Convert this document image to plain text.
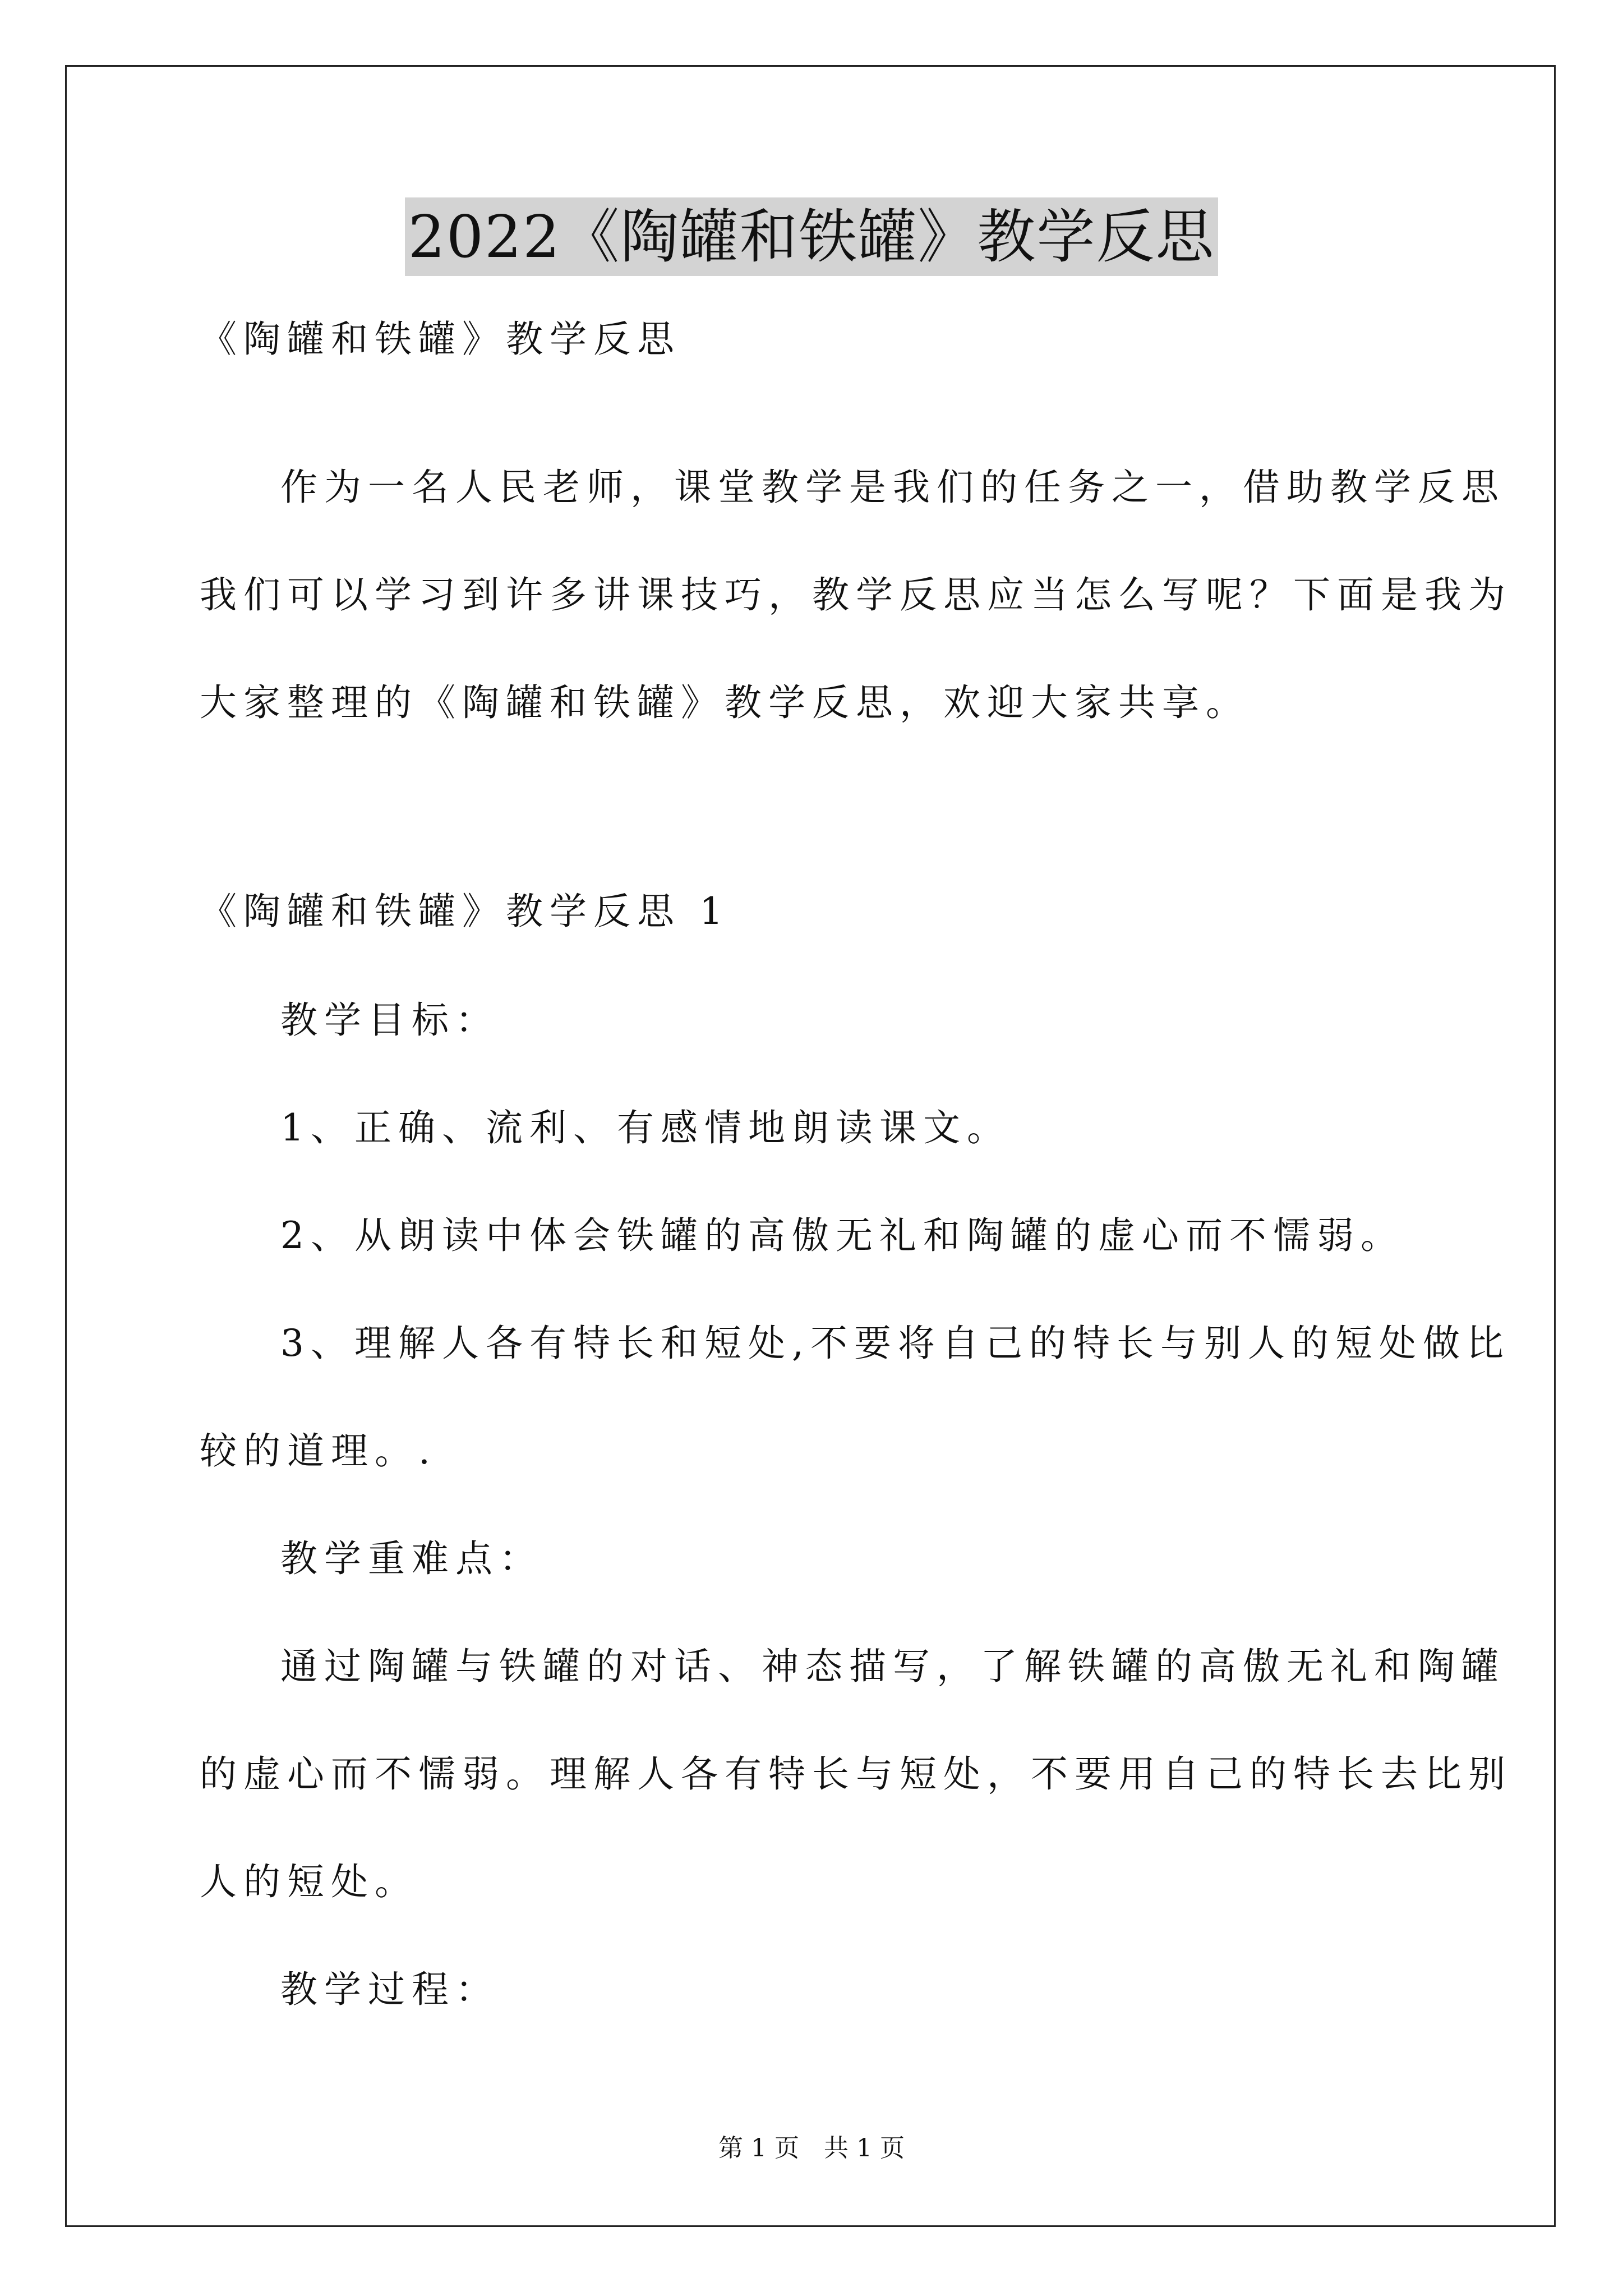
2022《陶罐和铁罐》教学反思
《陶罐和铁罐》教学反思
作为一名人民老师，课堂教学是我们的任务之一，借助教学反思
我们可以学习到许多讲课技巧，教学反思应当怎么写呢？下面是我为
大家整理的《陶罐和铁罐》教学反思，欢迎大家共享。
《陶罐和铁罐》教学反思 1
教学目标：
1、正确、流利、有感情地朗读课文。
2、从朗读中体会铁罐的高傲无礼和陶罐的虚心而不懦弱。
3、理解人各有特长和短处,不要将自己的特长与别人的短处做比
较的道理。.
教学重难点：
通过陶罐与铁罐的对话、神态描写，了解铁罐的高傲无礼和陶罐
的虚心而不懦弱。理解人各有特长与短处，不要用自己的特长去比别
人的短处。
教学过程：
第 1 页　共 1 页
